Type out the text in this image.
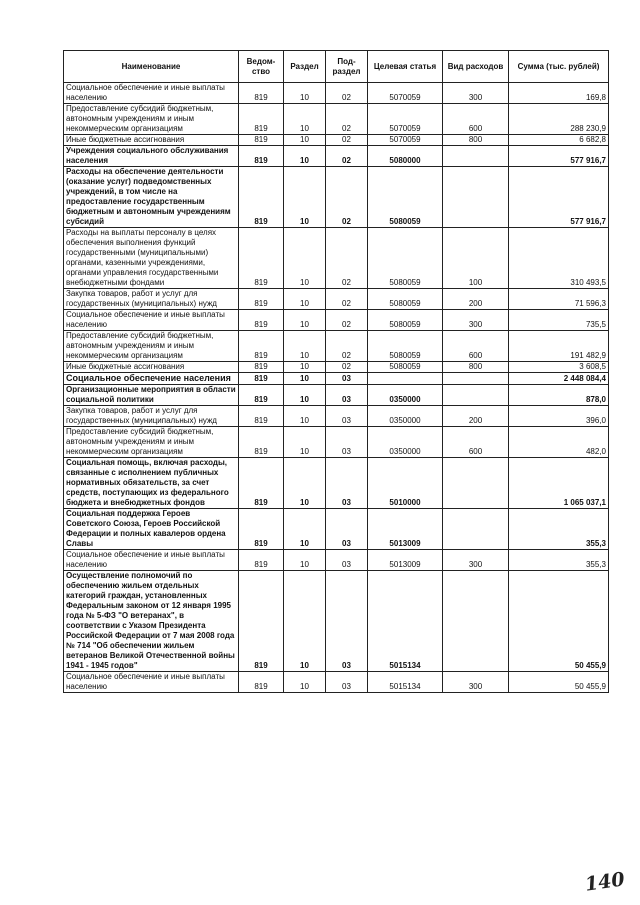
Наименование	Ведом-ство	Раздел	Под-раздел	Целевая статья	Вид расходов	Сумма (тыс. рублей)
Социальное обеспечение и иные выплаты населению	819	10	02	5070059	300	169,8
Предоставление субсидий бюджетным, автономным учреждениям и иным некоммерческим организациям	819	10	02	5070059	600	288 230,9
Иные бюджетные ассигнования	819	10	02	5070059	800	6 682,8
Учреждения социального обслуживания населения	819	10	02	5080000		577 916,7
Расходы на обеспечение деятельности (оказание услуг) подведомственных учреждений, в том числе на предоставление государственным бюджетным и автономным учреждениям субсидий	819	10	02	5080059		577 916,7
Расходы на выплаты персоналу в целях обеспечения выполнения функций государственными (муниципальными) органами, казенными учреждениями, органами управления государственными внебюджетными фондами	819	10	02	5080059	100	310 493,5
Закупка товаров, работ и услуг для государственных (муниципальных) нужд	819	10	02	5080059	200	71 596,3
Социальное обеспечение и иные выплаты населению	819	10	02	5080059	300	735,5
Предоставление субсидий бюджетным, автономным учреждениям и иным некоммерческим организациям	819	10	02	5080059	600	191 482,9
Иные бюджетные ассигнования	819	10	02	5080059	800	3 608,5
Социальное обеспечение населения	819	10	03			2 448 084,4
Организационные мероприятия в области социальной политики	819	10	03	0350000		878,0
Закупка товаров, работ и услуг для государственных (муниципальных) нужд	819	10	03	0350000	200	396,0
Предоставление субсидий бюджетным, автономным учреждениям и иным некоммерческим организациям	819	10	03	0350000	600	482,0
Социальная помощь, включая расходы, связанные с исполнением публичных нормативных обязательств, за счет средств, поступающих из федерального бюджета и внебюджетных фондов	819	10	03	5010000		1 065 037,1
Социальная поддержка Героев Советского Союза, Героев Российской Федерации и полных кавалеров ордена Славы	819	10	03	5013009		355,3
Социальное обеспечение и иные выплаты населению	819	10	03	5013009	300	355,3
Осуществление полномочий по обеспечению жильем отдельных категорий граждан, установленных Федеральным законом от 12 января 1995 года № 5-ФЗ "О ветеранах", в соответствии с Указом Президента Российской Федерации от 7 мая 2008 года № 714 "Об обеспечении жильем ветеранов Великой Отечественной войны 1941 - 1945 годов"	819	10	03	5015134		50 455,9
Социальное обеспечение и иные выплаты населению	819	10	03	5015134	300	50 455,9
140
